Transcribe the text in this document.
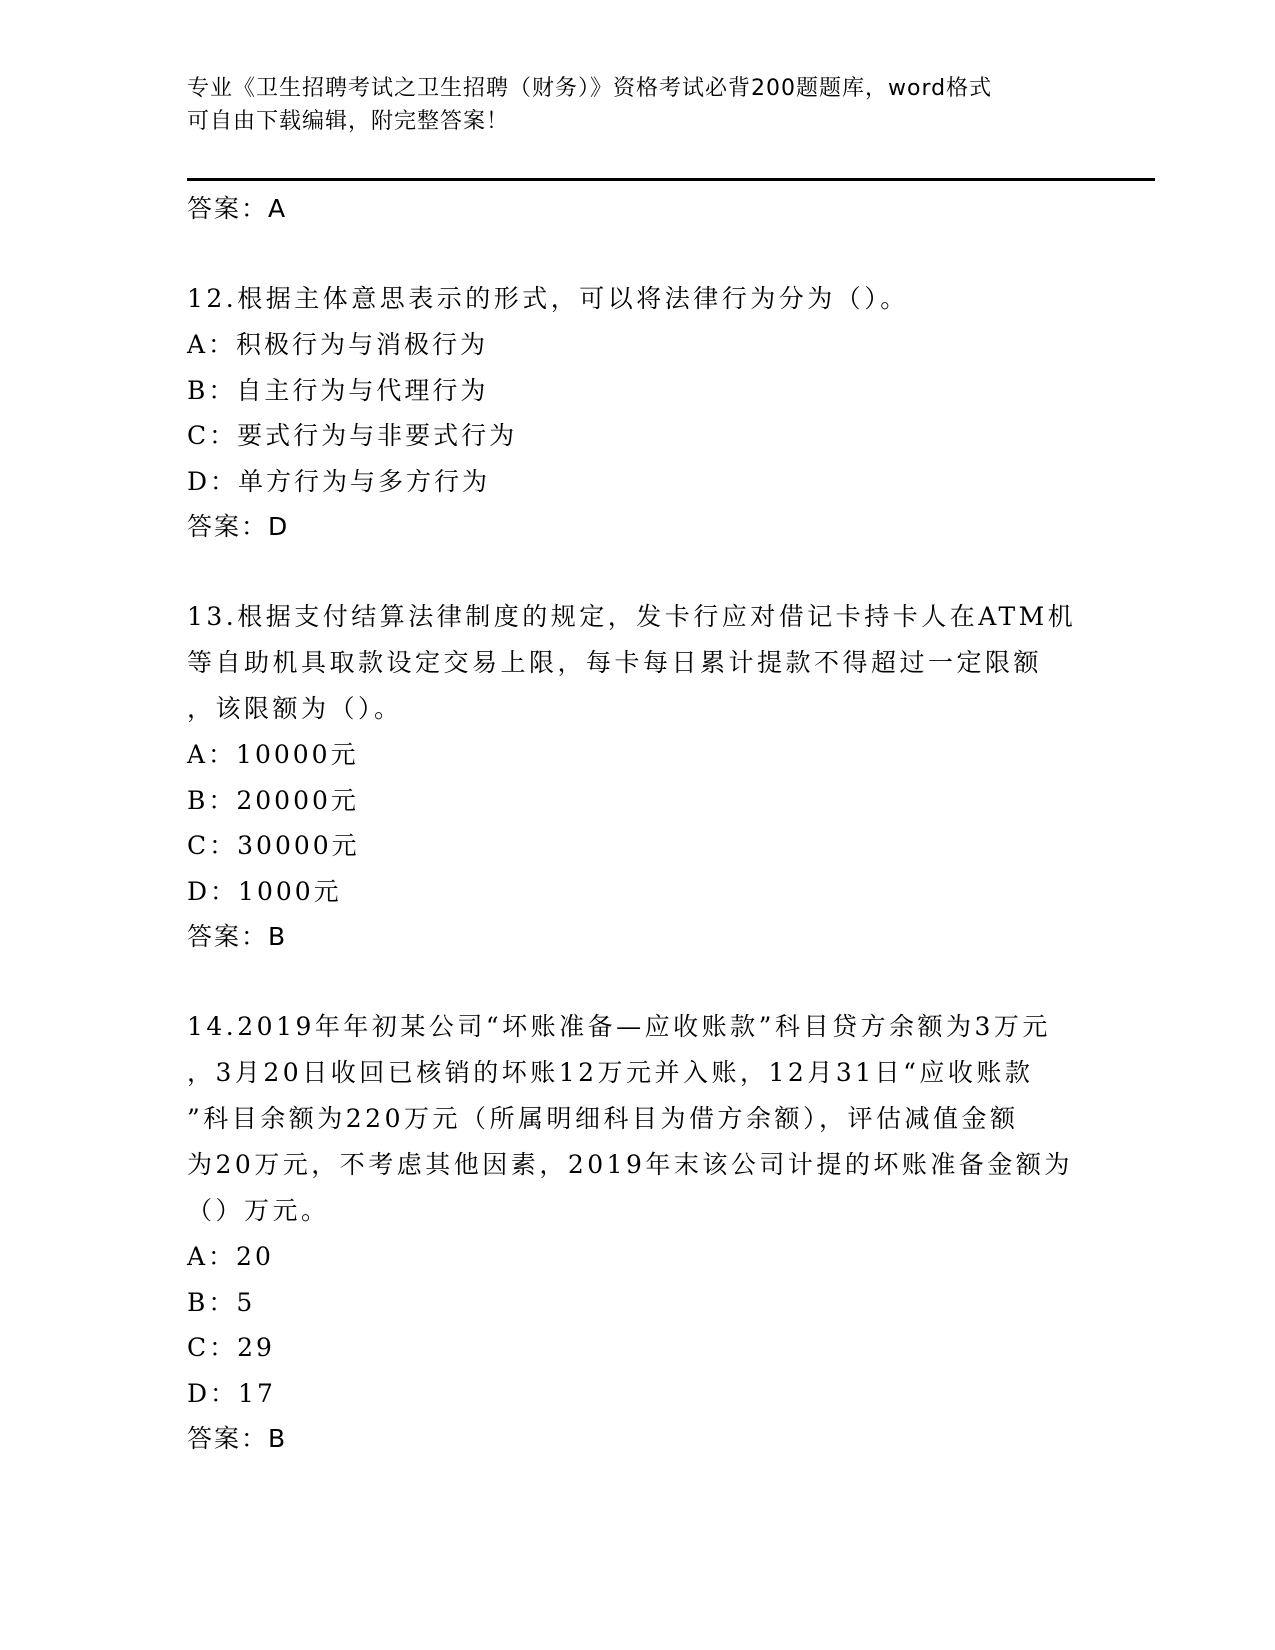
专业《卫生招聘考试之卫生招聘（财务）》资格考试必背200题题库，word格式
可自由下载编辑，附完整答案！

答案：A

12.根据主体意思表示的形式，可以将法律行为分为（）。

A：积极行为与消极行为

B：自主行为与代理行为

C：要式行为与非要式行为

D：单方行为与多方行为

答案：D

13.根据支付结算法律制度的规定，发卡行应对借记卡持卡人在ATM机

等自助机具取款设定交易上限，每卡每日累计提款不得超过一定限额

，该限额为（）。

A：10000元

B：20000元

C：30000元

D：1000元

答案：B

14.2019年年初某公司“坏账准备—应收账款”科目贷方余额为3万元

，3月20日收回已核销的坏账12万元并入账，12月31日“应收账款

”科目余额为220万元（所属明细科目为借方余额），评估减值金额

为20万元，不考虑其他因素，2019年末该公司计提的坏账准备金额为

（）万元。

A：20

B：5

C：29

D：17

答案：B
